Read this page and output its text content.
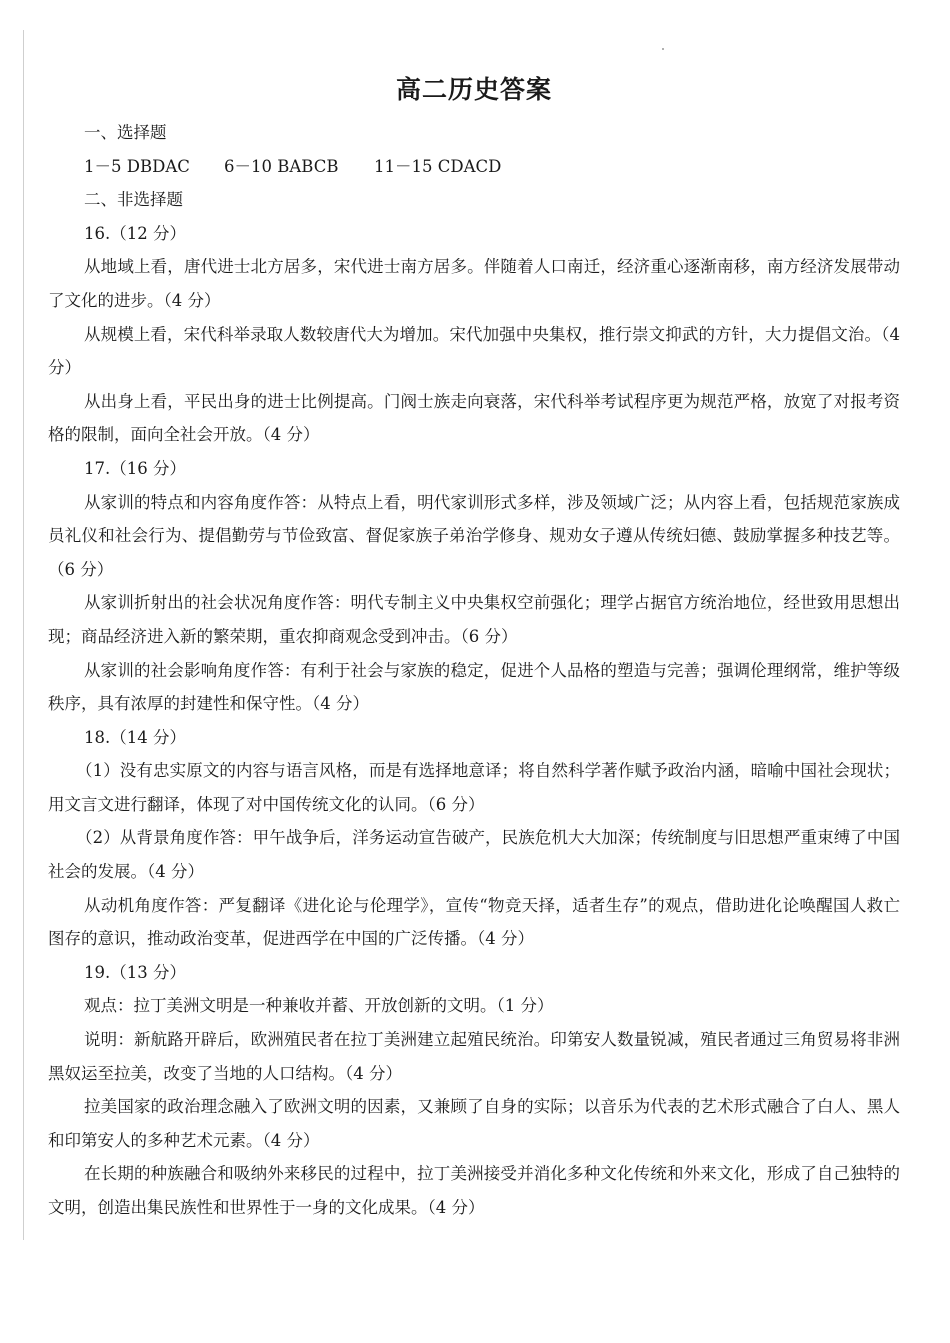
高二历史答案
一、选择题
1－5 DBDAC 6－10 BABCB 11－15 CDACD
二、非选择题
16.（12 分）

从地域上看，唐代进士北方居多，宋代进士南方居多。伴随着人口南迁，经济重心逐渐南移，南方经济发展带动了文化的进步。（4 分）

从规模上看，宋代科举录取人数较唐代大为增加。宋代加强中央集权，推行崇文抑武的方针，大力提倡文治。（4 分）

从出身上看，平民出身的进士比例提高。门阀士族走向衰落，宋代科举考试程序更为规范严格，放宽了对报考资格的限制，面向全社会开放。（4 分）

17.（16 分）

从家训的特点和内容角度作答：从特点上看，明代家训形式多样，涉及领域广泛；从内容上看，包括规范家族成员礼仪和社会行为、提倡勤劳与节俭致富、督促家族子弟治学修身、规劝女子遵从传统妇德、鼓励掌握多种技艺等。（6 分）

从家训折射出的社会状况角度作答：明代专制主义中央集权空前强化；理学占据官方统治地位，经世致用思想出现；商品经济进入新的繁荣期，重农抑商观念受到冲击。（6 分）

从家训的社会影响角度作答：有利于社会与家族的稳定，促进个人品格的塑造与完善；强调伦理纲常，维护等级秩序，具有浓厚的封建性和保守性。（4 分）

18.（14 分）

（1）没有忠实原文的内容与语言风格，而是有选择地意译；将自然科学著作赋予政治内涵，暗喻中国社会现状；用文言文进行翻译，体现了对中国传统文化的认同。（6 分）

（2）从背景角度作答：甲午战争后，洋务运动宣告破产，民族危机大大加深；传统制度与旧思想严重束缚了中国社会的发展。（4 分）

从动机角度作答：严复翻译《进化论与伦理学》，宣传“物竞天择，适者生存”的观点，借助进化论唤醒国人救亡图存的意识，推动政治变革，促进西学在中国的广泛传播。（4 分）

19.（13 分）

观点：拉丁美洲文明是一种兼收并蓄、开放创新的文明。（1 分）

说明：新航路开辟后，欧洲殖民者在拉丁美洲建立起殖民统治。印第安人数量锐减，殖民者通过三角贸易将非洲黑奴运至拉美，改变了当地的人口结构。（4 分）

拉美国家的政治理念融入了欧洲文明的因素，又兼顾了自身的实际；以音乐为代表的艺术形式融合了白人、黑人和印第安人的多种艺术元素。（4 分）

在长期的种族融合和吸纳外来移民的过程中，拉丁美洲接受并消化多种文化传统和外来文化，形成了自己独特的文明，创造出集民族性和世界性于一身的文化成果。（4 分）
